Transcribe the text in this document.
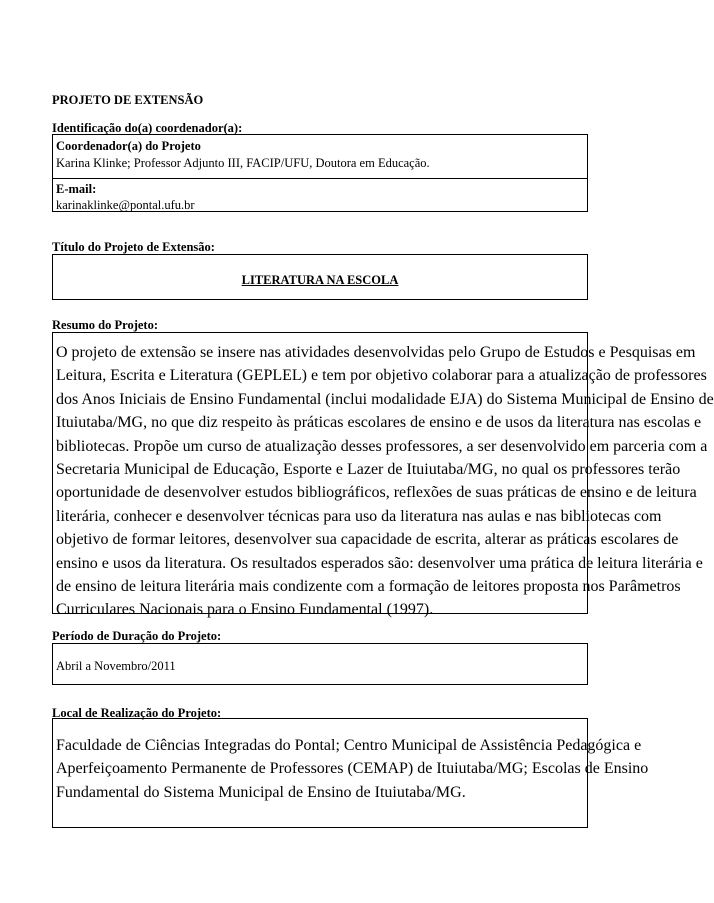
PROJETO DE EXTENSÃO
Identificação do(a) coordenador(a):
Coordenador(a) do Projeto
Karina Klinke; Professor Adjunto III, FACIP/UFU, Doutora em Educação.
E-mail:
karinaklinke@pontal.ufu.br
Título do Projeto de Extensão:
LITERATURA NA ESCOLA
Resumo do Projeto:
O projeto de extensão se insere nas atividades desenvolvidas pelo Grupo de Estudos e Pesquisas em
Leitura, Escrita e Literatura (GEPLEL) e tem por objetivo colaborar para a atualização de professores
dos Anos Iniciais de Ensino Fundamental (inclui modalidade EJA) do Sistema Municipal de Ensino de
Ituiutaba/MG, no que diz respeito às práticas escolares de ensino e de usos da literatura nas escolas e
bibliotecas. Propõe um curso de atualização desses professores, a ser desenvolvido em parceria com a
Secretaria Municipal de Educação, Esporte e Lazer de Ituiutaba/MG, no qual os professores terão
oportunidade de desenvolver estudos bibliográficos, reflexões de suas práticas de ensino e de leitura
literária, conhecer e desenvolver técnicas para uso da literatura nas aulas e nas bibliotecas com
objetivo de formar leitores, desenvolver sua capacidade de escrita, alterar as práticas escolares de
ensino e usos da literatura. Os resultados esperados são: desenvolver uma prática de leitura literária e
de ensino de leitura literária mais condizente com a formação de leitores proposta nos Parâmetros
Curriculares Nacionais para o Ensino Fundamental (1997).
Período de Duração do Projeto:
Abril a Novembro/2011
Local de Realização do Projeto:
Faculdade de Ciências Integradas do Pontal; Centro Municipal de Assistência Pedagógica e
Aperfeiçoamento Permanente de Professores (CEMAP) de Ituiutaba/MG; Escolas de Ensino
Fundamental do Sistema Municipal de Ensino de Ituiutaba/MG.
